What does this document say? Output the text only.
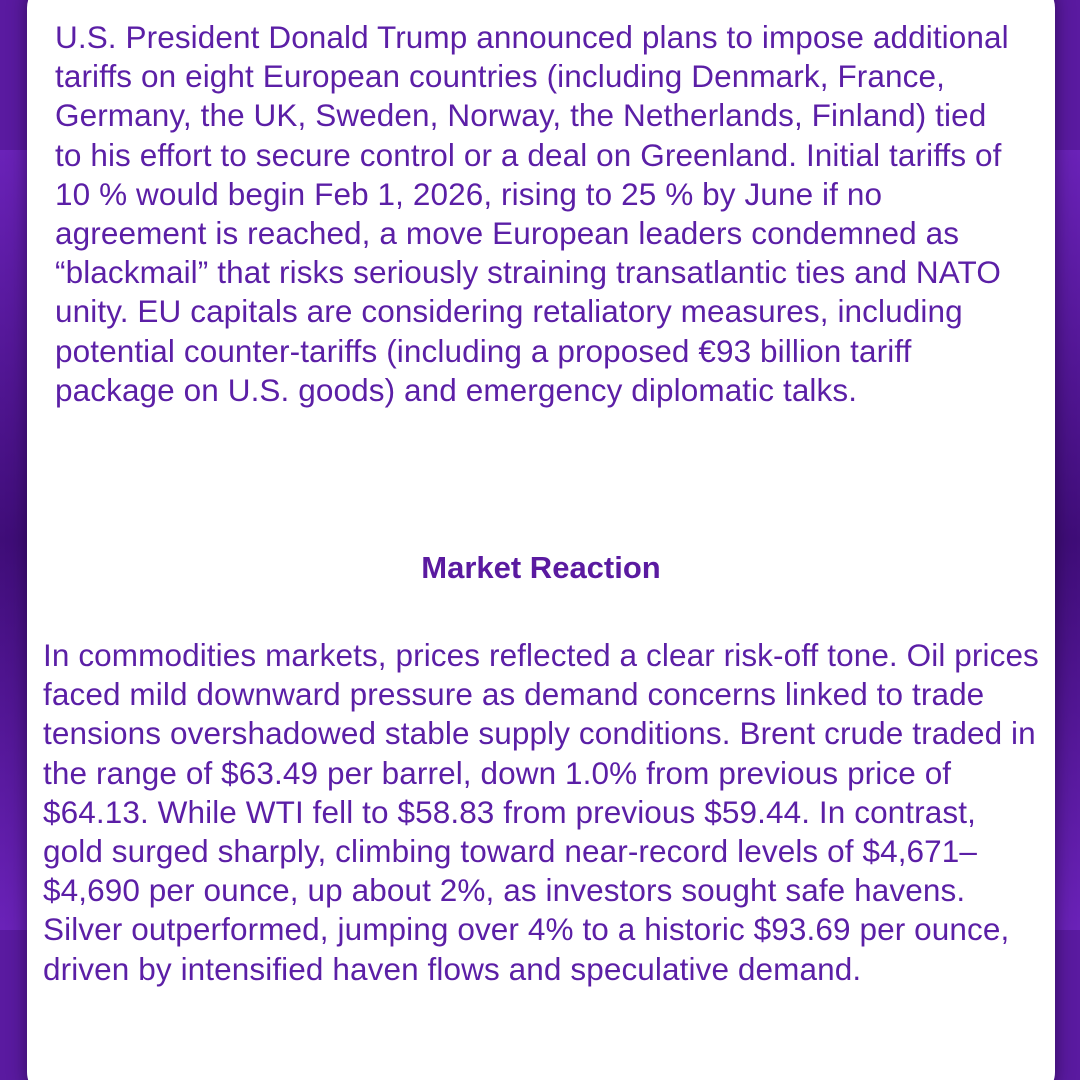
U.S. President Donald Trump announced plans to impose additional tariffs on eight European countries (including Denmark, France, Germany, the UK, Sweden, Norway, the Netherlands, Finland) tied to his effort to secure control or a deal on Greenland. Initial tariffs of 10 % would begin Feb 1, 2026, rising to 25 % by June if no agreement is reached, a move European leaders condemned as “blackmail” that risks seriously straining transatlantic ties and NATO unity. EU capitals are considering retaliatory measures, including potential counter-tariffs (including a proposed €93 billion tariff package on U.S. goods) and emergency diplomatic talks.

Market Reaction

In commodities markets, prices reflected a clear risk-off tone. Oil prices faced mild downward pressure as demand concerns linked to trade tensions overshadowed stable supply conditions. Brent crude traded in the range of $63.49 per barrel, down 1.0% from previous price of $64.13. While WTI fell to $58.83 from previous $59.44. In contrast, gold surged sharply, climbing toward near-record levels of $4,671–$4,690 per ounce, up about 2%, as investors sought safe havens. Silver outperformed, jumping over 4% to a historic $93.69 per ounce, driven by intensified haven flows and speculative demand.
